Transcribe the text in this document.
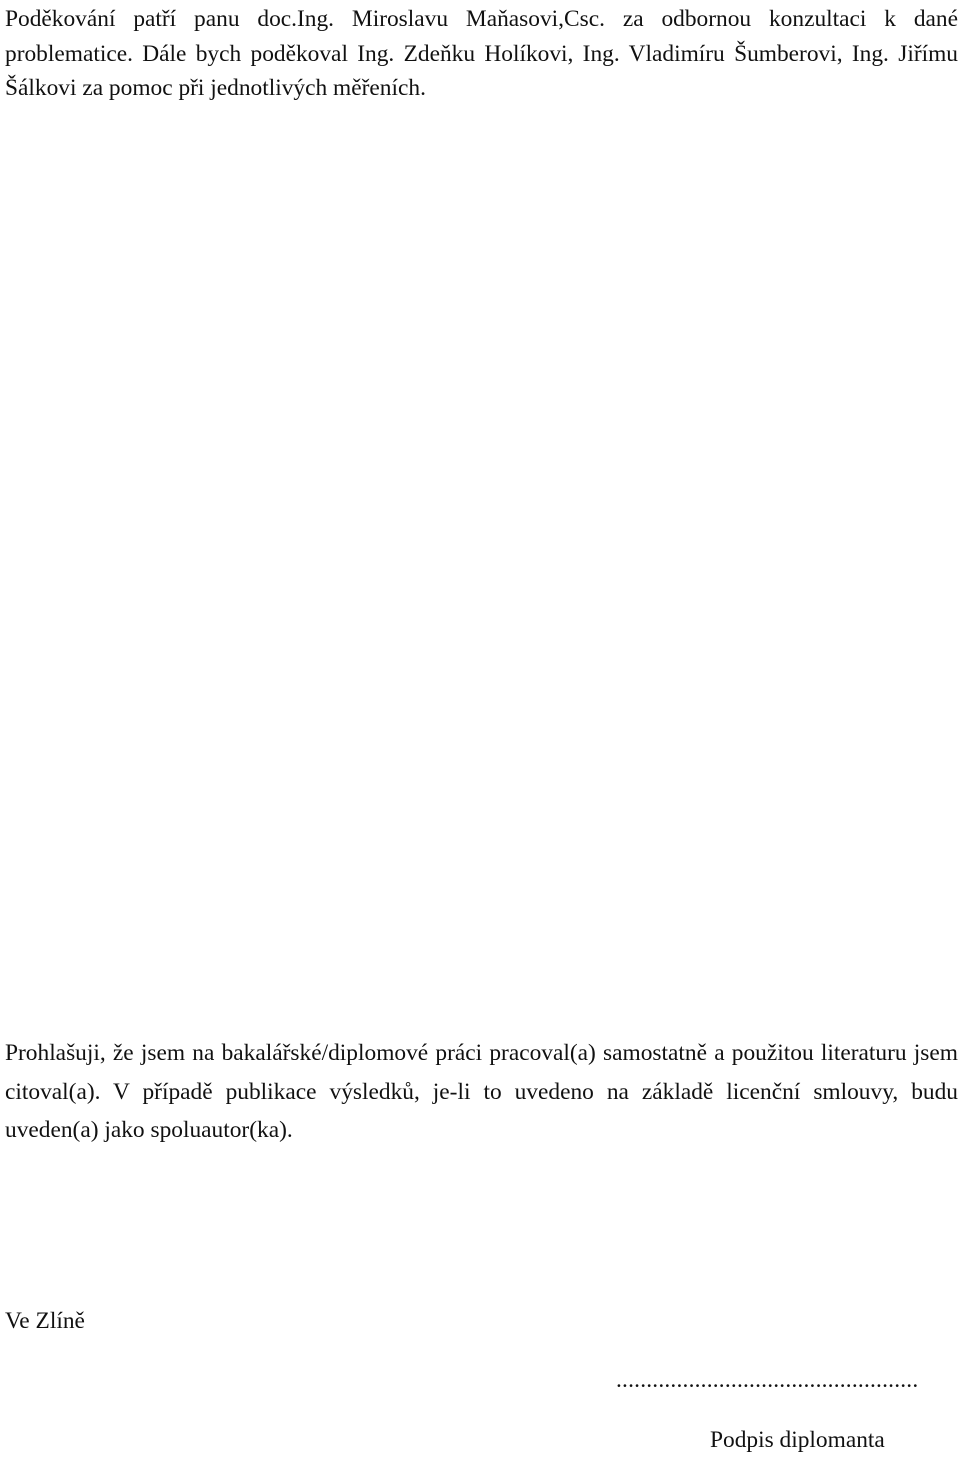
Poděkování patří panu doc.Ing. Miroslavu Maňasovi,Csc. za odbornou konzultaci k dané problematice. Dále bych poděkoval Ing. Zdeňku Holíkovi, Ing. Vladimíru Šumberovi, Ing. Jiřímu Šálkovi za pomoc při jednotlivých měřeních.

Prohlašuji, že jsem na bakalářské/diplomové práci pracoval(a) samostatně a použitou literaturu jsem citoval(a). V případě publikace výsledků, je-li to uvedeno na základě licenční smlouvy, budu uveden(a) jako spoluautor(ka).

Ve Zlíně

..................................................

Podpis diplomanta
